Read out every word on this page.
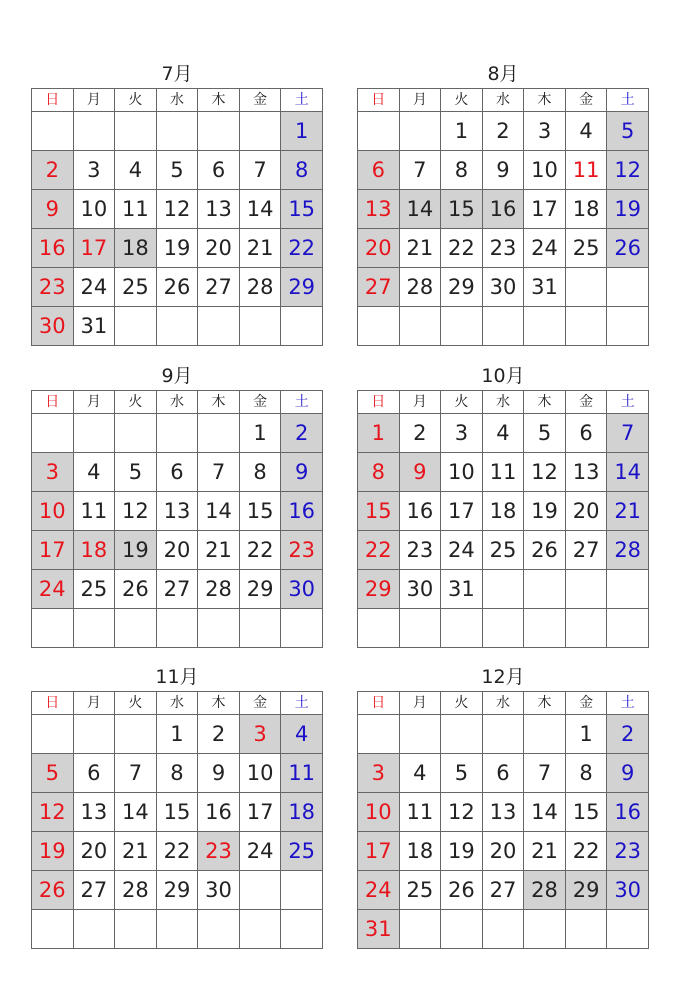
7月
日	月	火	水	木	金	土
						1
2	3	4	5	6	7	8
9	10	11	12	13	14	15
16	17	18	19	20	21	22
23	24	25	26	27	28	29
30	31					
8月
日	月	火	水	木	金	土
		1	2	3	4	5
6	7	8	9	10	11	12
13	14	15	16	17	18	19
20	21	22	23	24	25	26
27	28	29	30	31		

9月
日	月	火	水	木	金	土
					1	2
3	4	5	6	7	8	9
10	11	12	13	14	15	16
17	18	19	20	21	22	23
24	25	26	27	28	29	30

10月
日	月	火	水	木	金	土
1	2	3	4	5	6	7
8	9	10	11	12	13	14
15	16	17	18	19	20	21
22	23	24	25	26	27	28
29	30	31				

11月
日	月	火	水	木	金	土
			1	2	3	4
5	6	7	8	9	10	11
12	13	14	15	16	17	18
19	20	21	22	23	24	25
26	27	28	29	30		

12月
日	月	火	水	木	金	土
					1	2
3	4	5	6	7	8	9
10	11	12	13	14	15	16
17	18	19	20	21	22	23
24	25	26	27	28	29	30
31						
